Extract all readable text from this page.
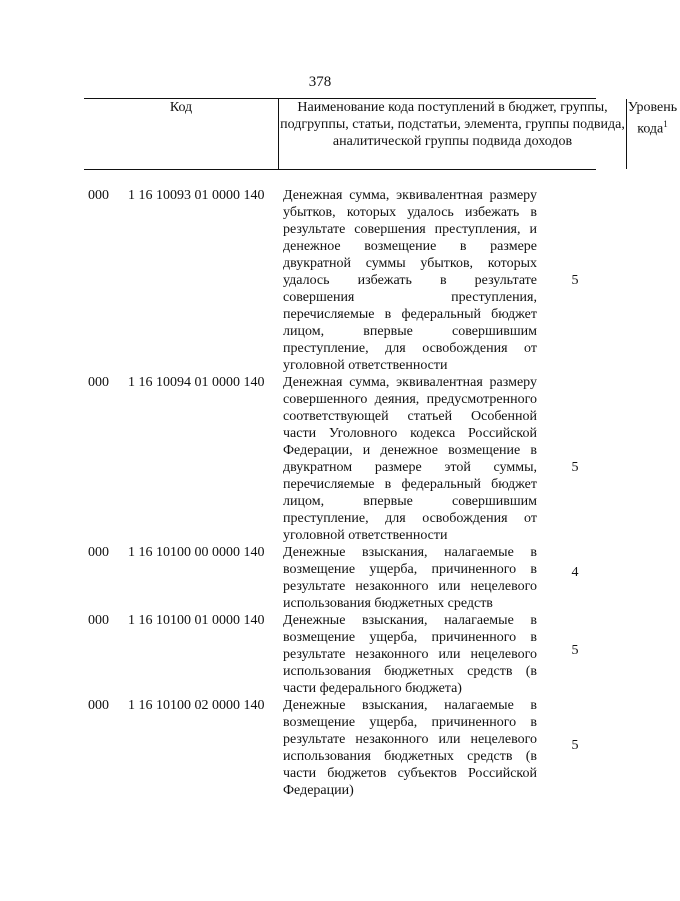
378
Код	Наименование кода поступлений в бюджет, группы, подгруппы, статьи, подстатьи, элемента, группы подвида, аналитической группы подвида доходов
Уровень кода$^1$
000 1 16 10093 01 0000 140 Денежная сумма, эквивалентная размеру убытков, которых удалось избежать в результате совершения преступления, и денежное возмещение в размере двукратной суммы убытков, которых удалось избежать в результате совершения преступления, перечисляемые в федеральный бюджет лицом, впервые совершившим преступление, для освобождения от уголовной ответственности
5
000 1 16 10094 01 0000 140 Денежная сумма, эквивалентная размеру совершенного деяния, предусмотренного соответствующей статьей Особенной части Уголовного кодекса Российской Федерации, и денежное возмещение в двукратном размере этой суммы, перечисляемые в федеральный бюджет лицом, впервые совершившим преступление, для освобождения от уголовной ответственности
5
000 1 16 10100 00 0000 140 Денежные взыскания, налагаемые в возмещение ущерба, причиненного в результате незаконного или нецелевого использования бюджетных средств
4
000 1 16 10100 01 0000 140 Денежные взыскания, налагаемые в возмещение ущерба, причиненного в результате незаконного или нецелевого использования бюджетных средств (в части федерального бюджета)
5
000 1 16 10100 02 0000 140 Денежные взыскания, налагаемые в возмещение ущерба, причиненного в результате незаконного или нецелевого использования бюджетных средств (в части бюджетов субъектов Российской Федерации)
5
